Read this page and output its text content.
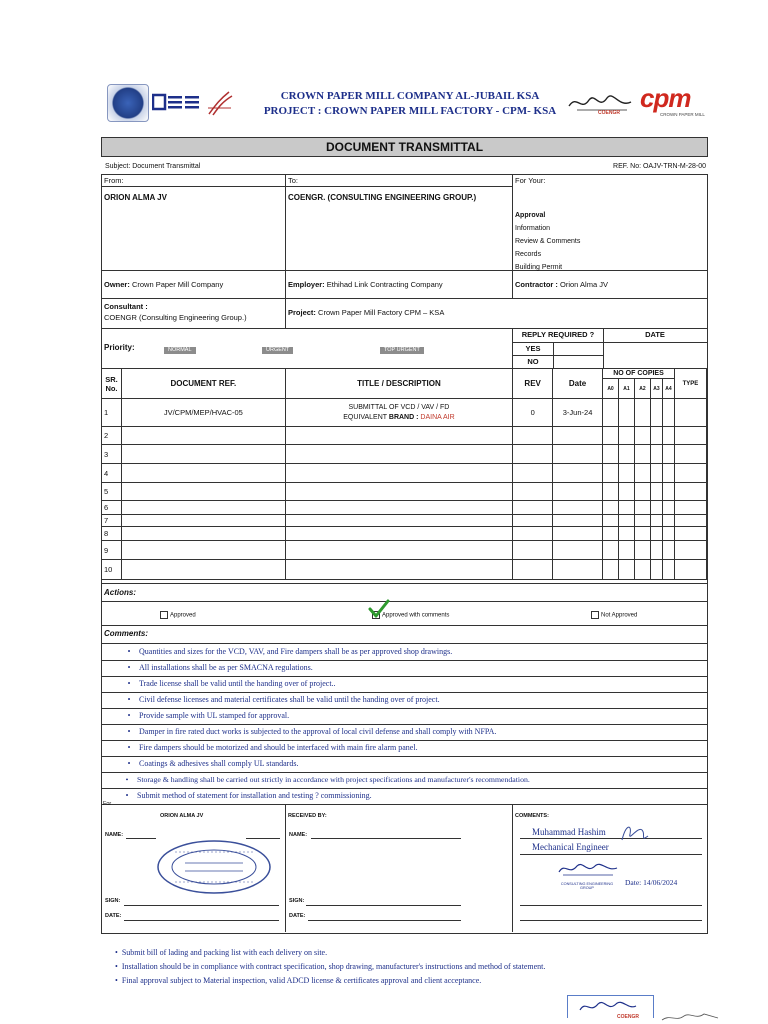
CROWN PAPER MILL COMPANY AL-JUBAIL KSA
PROJECT : CROWN PAPER MILL FACTORY - CPM- KSA	COENGR cpm
CROWN PAPER MILL
DOCUMENT TRANSMITTAL
Subject: Document Transmittal	REF. No: OAJV-TRN-M-28-00
From:
ORION ALMA JV
To:
COENGR. (CONSULTING ENGINEERING GROUP.)
For Your:
Approval
Information
Review & Comments
Records
Building Permit
Owner: Crown Paper Mill Company	Employer: Ethihad Link Contracting Company	Contractor : Orion Alma JV
Consultant :
COENGR (Consulting Engineering Group.)
Project: Crown Paper Mill Factory CPM – KSA
Priority:	NORMAL	URGENT	TOP URGENT
REPLY REQUIRED ?	DATE
YES
NO
SR.
No.	DOCUMENT REF.	TITLE / DESCRIPTION	REV	Date	NO OF COPIES					TYPE
					A0	A1	A2	A3	A4	
1	JV/CPM/MEP/HVAC-05	SUBMITTAL OF VCD / VAV / FD
EQUIVALENT BRAND : DAINA AIR	0	3-Jun-24						
2										
3										
4										
5										
6										
7										
8										
9										
10										
Actions:
Approved	Approved with comments	Not Approved
Comments:
• Quantities and sizes for the VCD, VAV, and Fire dampers shall be as per approved shop drawings.
• All installations shall be as per SMACNA regulations.
• Trade license shall be valid until the handing over of project..
• Civil defense licenses and material certificates shall be valid until the handing over of project.
• Provide sample with UL stamped for approval.
• Damper in fire rated duct works is subjected to the approval of local civil defense and shall comply with NFPA.
• Fire dampers should be motorized and should be interfaced with main fire alarm panel.
• Coatings & adhesives shall comply UL standards.
• Storage & handling shall be carried out strictly in accordance with project specifications and manufacturer's recommendation.
• Submit method of statement for installation and testing ? commissioning.
For
ORION ALMA JV	RECEIVED BY:	COMMENTS:
NAME:	NAME:
SIGN:
DATE:
SIGN:
DATE:
Muhammad Hashim
Mechanical Engineer
CONSULTING ENGINEERING GROUP
Date: 14/06/2024
•  Submit bill of lading and packing list with each delivery on site.
•  Installation should be in compliance with contract specification, shop drawing, manufacturer's instructions and method of statement.
•  Final approval subject to Material inspection, valid ADCD license & certificates approval and client acceptance.
COENGR
